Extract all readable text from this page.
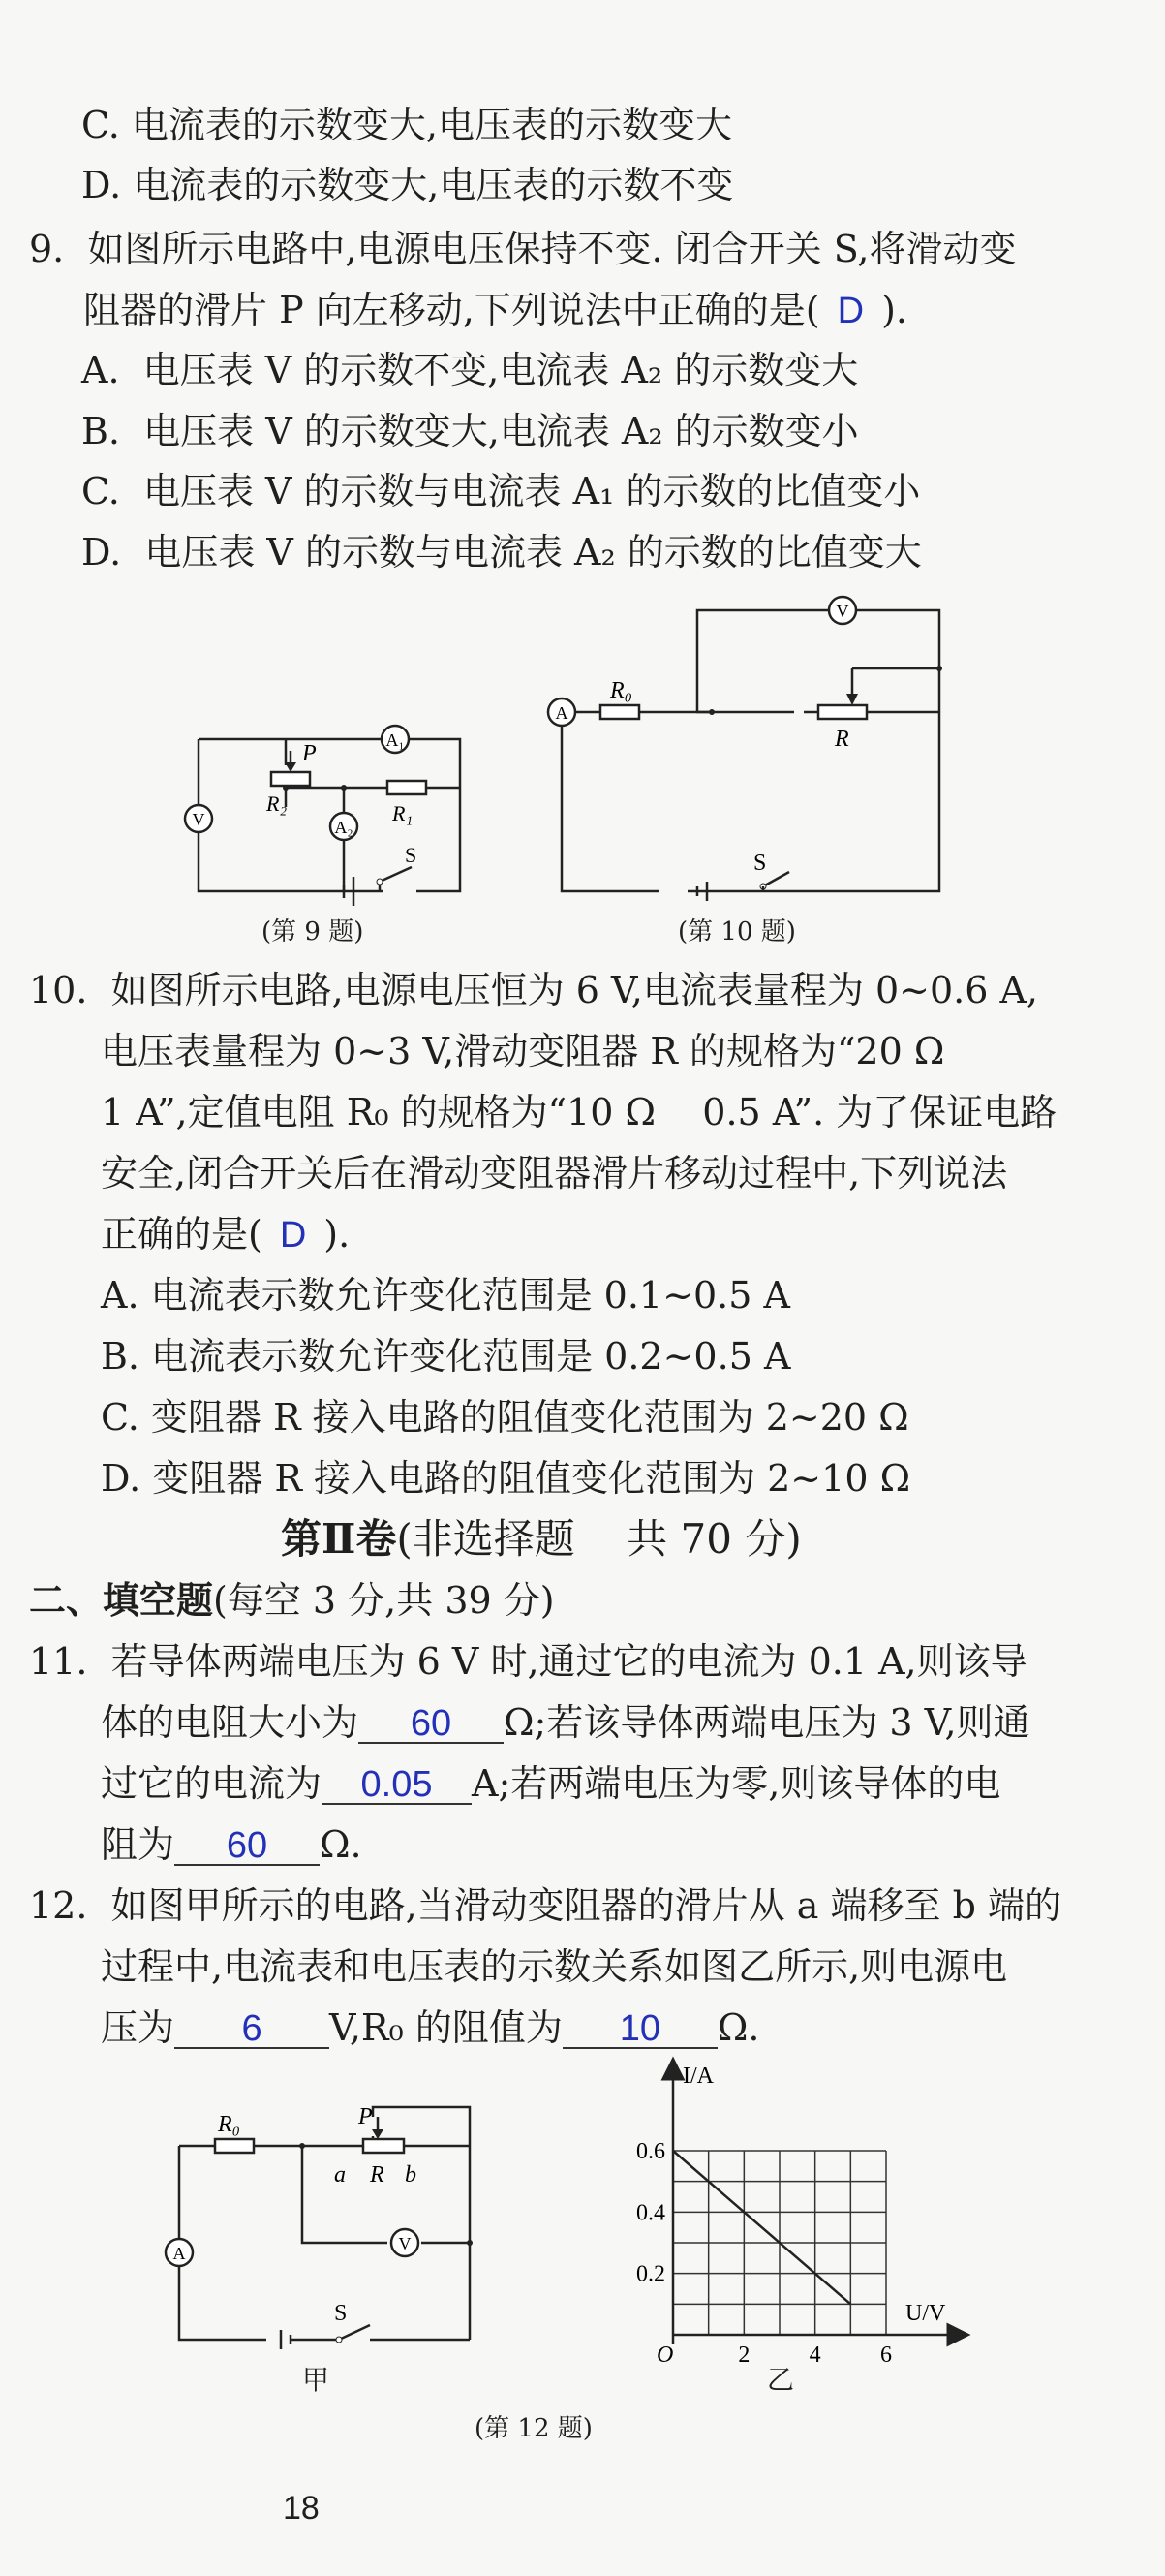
C. 电流表的示数变大,电压表的示数变大
D. 电流表的示数变大,电压表的示数不变
9.  如图所示电路中,电源电压保持不变. 闭合开关 S,将滑动变
阻器的滑片 P 向左移动,下列说法中正确的是( D ).
A.  电压表 V 的示数不变,电流表 A₂ 的示数变大
B.  电压表 V 的示数变大,电流表 A₂ 的示数变小
C.  电压表 V 的示数与电流表 A₁ 的示数的比值变小
D.  电压表 V 的示数与电流表 A₂ 的示数的比值变大
A₁
A₂
V
P
R₂	R₁
S
(第 9 题)
A
V
R₀
R
S
(第 10 题)
10.  如图所示电路,电源电压恒为 6 V,电流表量程为 0~0.6 A,
电压表量程为 0~3 V,滑动变阻器 R 的规格为“20 Ω
1 A”,定值电阻 R₀ 的规格为“10 Ω    0.5 A”. 为了保证电路
安全,闭合开关后在滑动变阻器滑片移动过程中,下列说法
正确的是( D ).
A. 电流表示数允许变化范围是 0.1~0.5 A
B. 电流表示数允许变化范围是 0.2~0.5 A
C. 变阻器 R 接入电路的阻值变化范围为 2~20 Ω
D. 变阻器 R 接入电路的阻值变化范围为 2~10 Ω
第Ⅱ卷(非选择题    共 70 分)
二、填空题(每空 3 分,共 39 分)
11.  若导体两端电压为 6 V 时,通过它的电流为 0.1 A,则该导
体的电阻大小为 60 Ω;若该导体两端电压为 3 V,则通
过它的电流为 0.05 A;若两端电压为零,则该导体的电
阻为 60 Ω.
12.  如图甲所示的电路,当滑动变阻器的滑片从 a 端移至 b 端的
过程中,电流表和电压表的示数关系如图乙所示,则电源电
压为 6 V,R₀ 的阻值为 10 Ω.
A	V
R₀	P
a R b
S
甲
2	4	6
0.2
0.4
0.6
I/A
U/V
O
乙
(第 12 题)
18
